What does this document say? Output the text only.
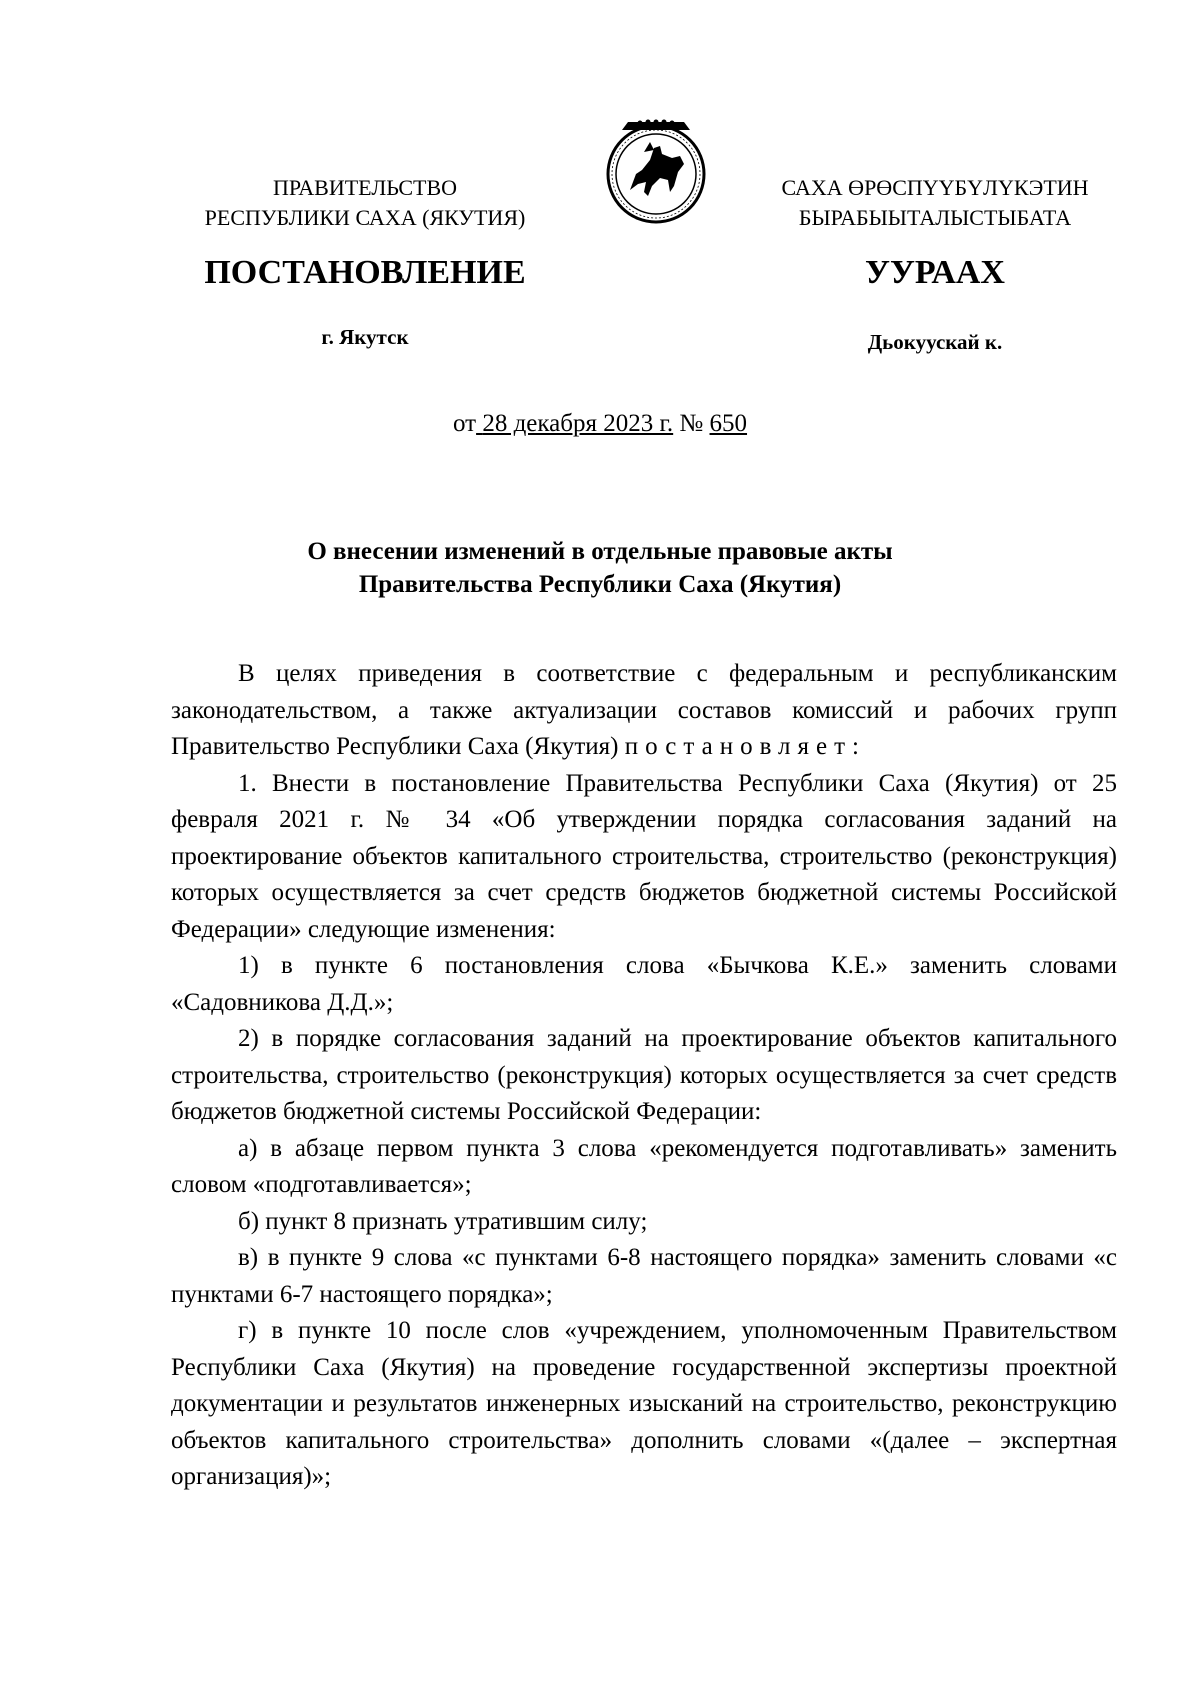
ПРАВИТЕЛЬСТВО
РЕСПУБЛИКИ САХА (ЯКУТИЯ)
САХА ӨРӨСПҮҮБҮЛҮКЭТИН
БЫРАБЫЫТАЛЫСТЫБАТА
ПОСТАНОВЛЕНИЕ	УУРААХ
г. Якутск	Дьокуускай к.
от 28 декабря 2023 г. № 650
О внесении изменений в отдельные правовые акты
Правительства Республики Саха (Якутия)

В целях приведения в соответствие с федеральным и республиканским законодательством, а также актуализации составов комиссий и рабочих групп Правительство Республики Саха (Якутия) постановляет:

1. Внести в постановление Правительства Республики Саха (Якутия) от 25 февраля 2021 г. № 34 «Об утверждении порядка согласования заданий на проектирование объектов капитального строительства, строительство (реконструкция) которых осуществляется за счет средств бюджетов бюджетной системы Российской Федерации» следующие изменения:

1) в пункте 6 постановления слова «Бычкова К.Е.» заменить словами «Садовникова Д.Д.»;

2) в порядке согласования заданий на проектирование объектов капитального строительства, строительство (реконструкция) которых осуществляется за счет средств бюджетов бюджетной системы Российской Федерации:

а) в абзаце первом пункта 3 слова «рекомендуется подготавливать» заменить словом «подготавливается»;

б) пункт 8 признать утратившим силу;

в) в пункте 9 слова «с пунктами 6-8 настоящего порядка» заменить словами «с пунктами 6-7 настоящего порядка»;

г) в пункте 10 после слов «учреждением, уполномоченным Правительством Республики Саха (Якутия) на проведение государственной экспертизы проектной документации и результатов инженерных изысканий на строительство, реконструкцию объектов капитального строительства» дополнить словами «(далее – экспертная организация)»;
